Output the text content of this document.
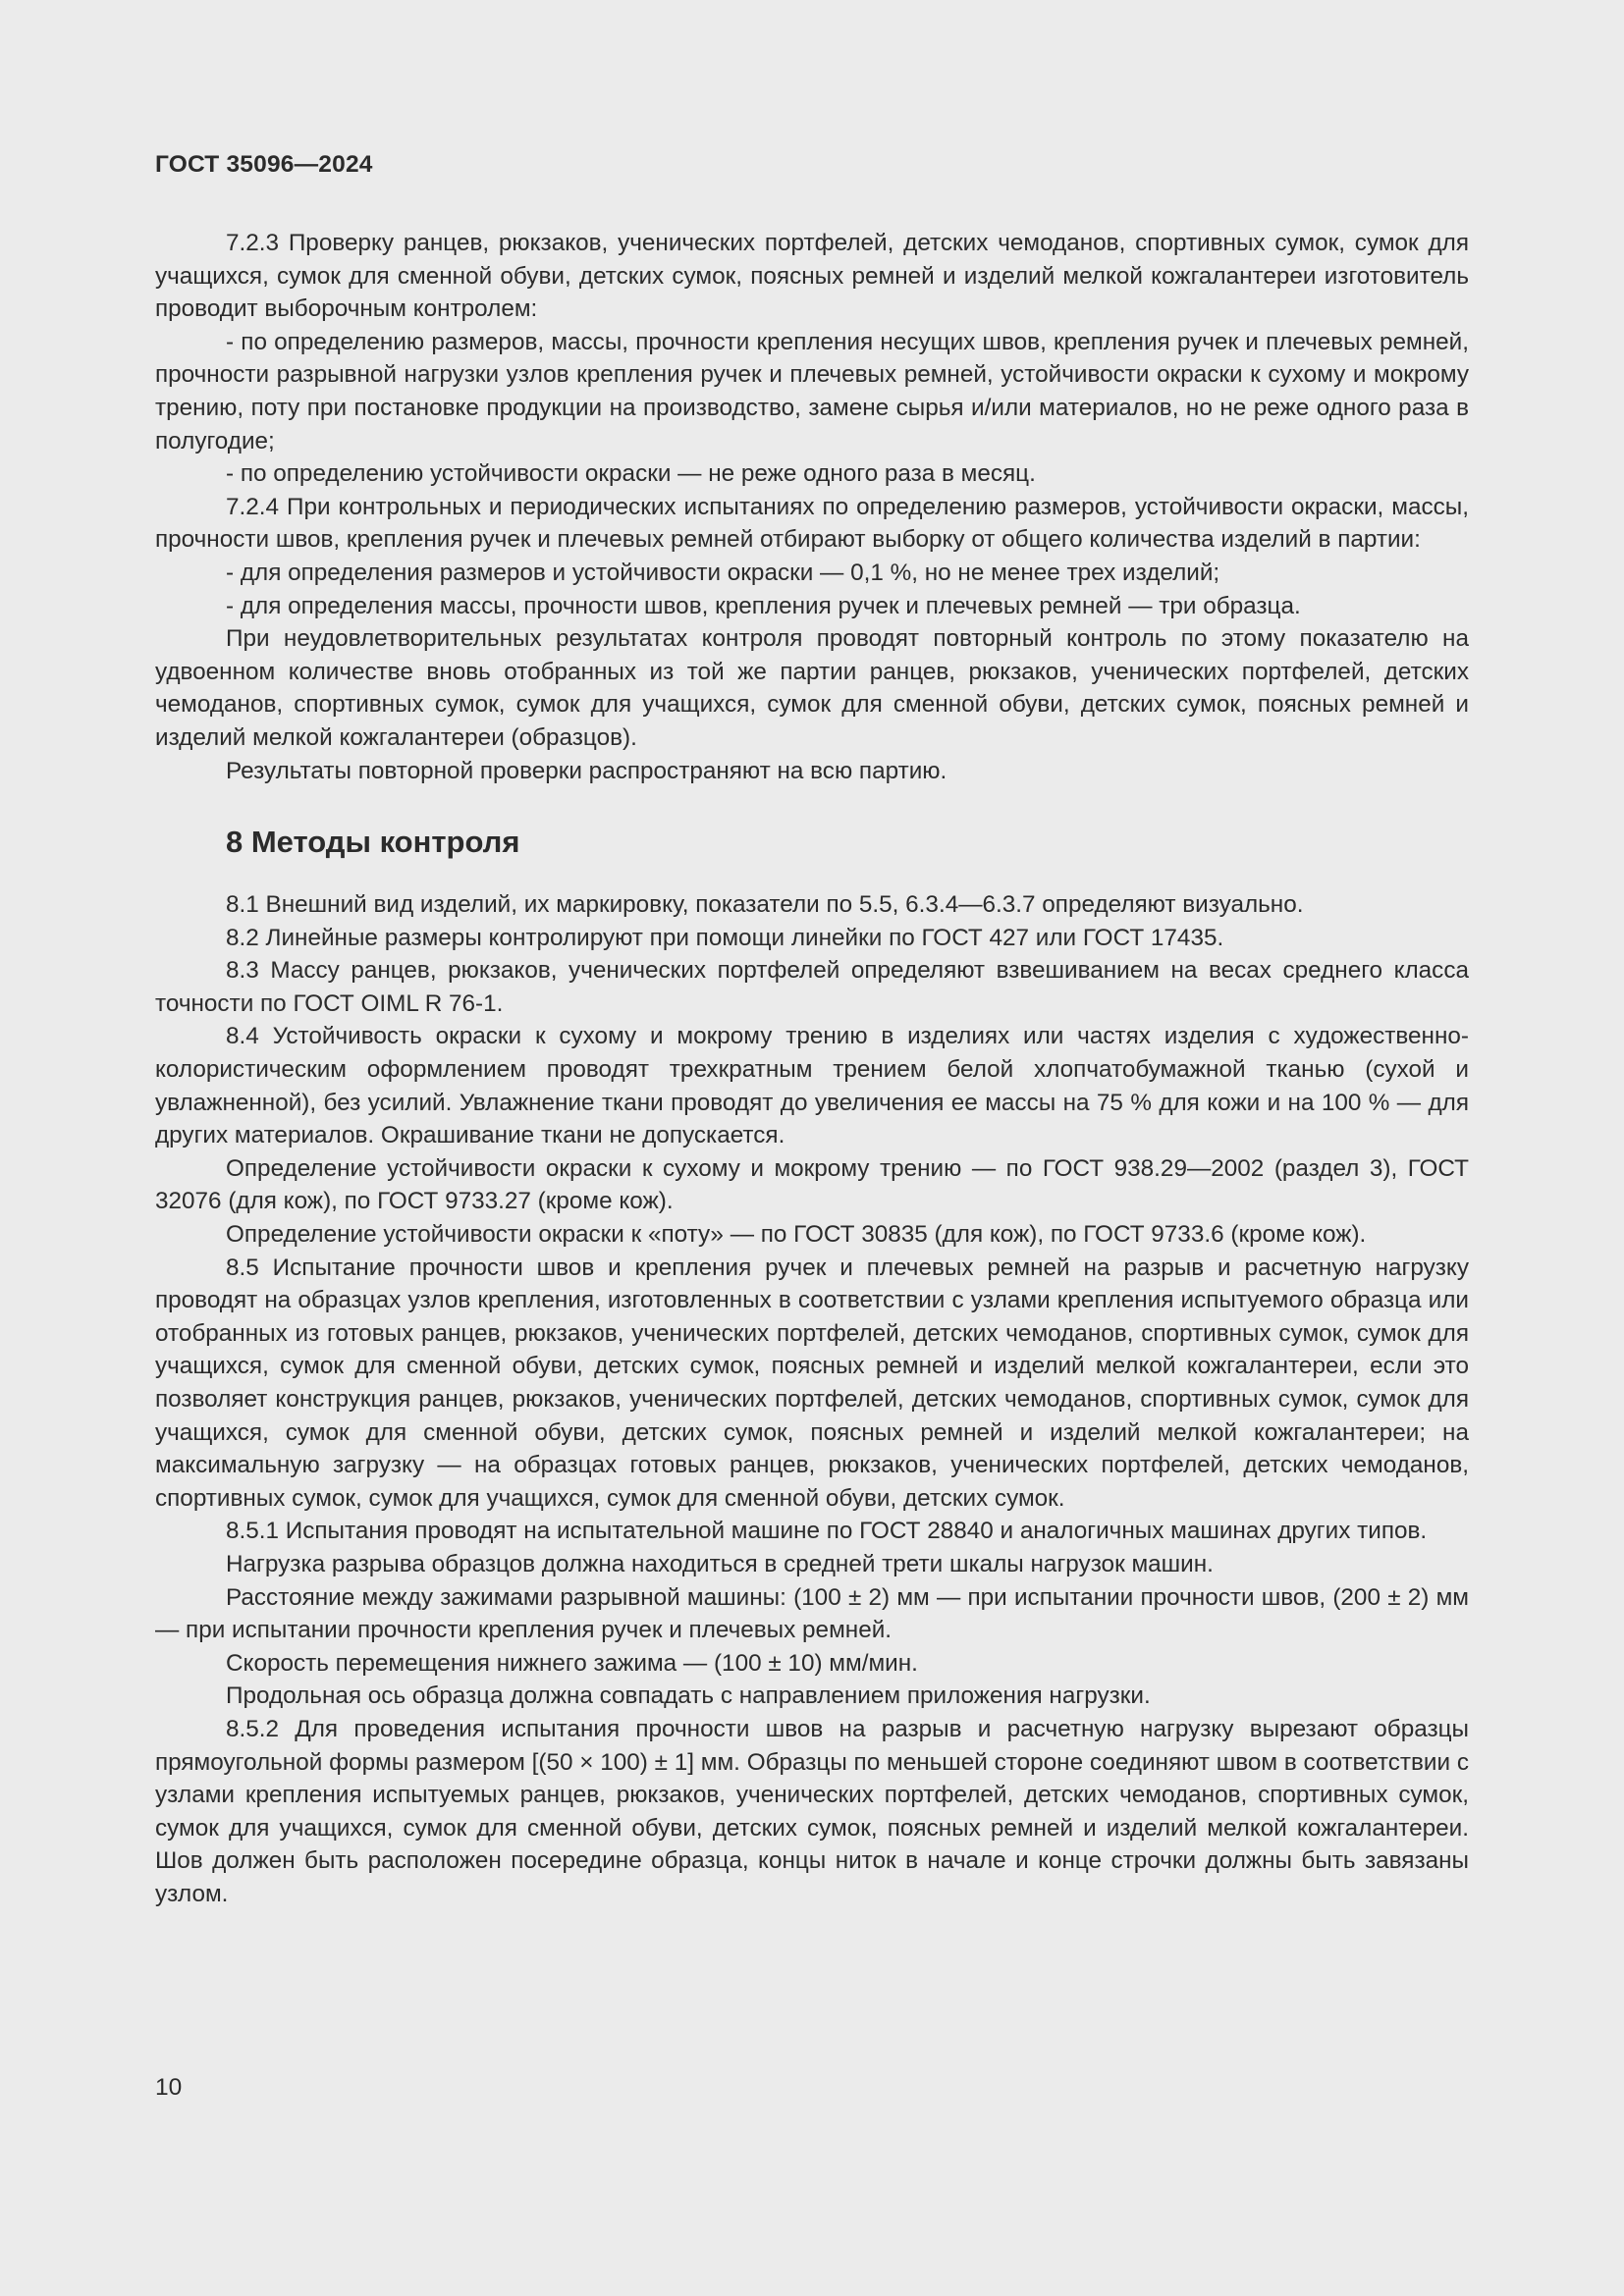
ГОСТ 35096—2024

7.2.3 Проверку ранцев, рюкзаков, ученических портфелей, детских чемоданов, спортивных сумок, сумок для учащихся, сумок для сменной обуви, детских сумок, поясных ремней и изделий мелкой кожгалантереи изготовитель проводит выборочным контролем:

- по определению размеров, массы, прочности крепления несущих швов, крепления ручек и плечевых ремней, прочности разрывной нагрузки узлов крепления ручек и плечевых ремней, устойчивости окраски к сухому и мокрому трению, поту при постановке продукции на производство, замене сырья и/или материалов, но не реже одного раза в полугодие;

- по определению устойчивости окраски — не реже одного раза в месяц.

7.2.4 При контрольных и периодических испытаниях по определению размеров, устойчивости окраски, массы, прочности швов, крепления ручек и плечевых ремней отбирают выборку от общего количества изделий в партии:

- для определения размеров и устойчивости окраски — 0,1 %, но не менее трех изделий;

- для определения массы, прочности швов, крепления ручек и плечевых ремней — три образца.

При неудовлетворительных результатах контроля проводят повторный контроль по этому показателю на удвоенном количестве вновь отобранных из той же партии ранцев, рюкзаков, ученических портфелей, детских чемоданов, спортивных сумок, сумок для учащихся, сумок для сменной обуви, детских сумок, поясных ремней и изделий мелкой кожгалантереи (образцов).

Результаты повторной проверки распространяют на всю партию.

8 Методы контроля

8.1 Внешний вид изделий, их маркировку, показатели по 5.5, 6.3.4—6.3.7 определяют визуально.

8.2 Линейные размеры контролируют при помощи линейки по ГОСТ 427 или ГОСТ 17435.

8.3 Массу ранцев, рюкзаков, ученических портфелей определяют взвешиванием на весах среднего класса точности по ГОСТ OIML R 76-1.

8.4 Устойчивость окраски к сухому и мокрому трению в изделиях или частях изделия с художественно-колористическим оформлением проводят трехкратным трением белой хлопчатобумажной тканью (сухой и увлажненной), без усилий. Увлажнение ткани проводят до увеличения ее массы на 75 % для кожи и на 100 % — для других материалов. Окрашивание ткани не допускается.

Определение устойчивости окраски к сухому и мокрому трению — по ГОСТ 938.29—2002 (раздел 3), ГОСТ 32076 (для кож), по ГОСТ 9733.27 (кроме кож).

Определение устойчивости окраски к «поту» — по ГОСТ 30835 (для кож), по ГОСТ 9733.6 (кроме кож).

8.5 Испытание прочности швов и крепления ручек и плечевых ремней на разрыв и расчетную нагрузку проводят на образцах узлов крепления, изготовленных в соответствии с узлами крепления испытуемого образца или отобранных из готовых ранцев, рюкзаков, ученических портфелей, детских чемоданов, спортивных сумок, сумок для учащихся, сумок для сменной обуви, детских сумок, поясных ремней и изделий мелкой кожгалантереи, если это позволяет конструкция ранцев, рюкзаков, ученических портфелей, детских чемоданов, спортивных сумок, сумок для учащихся, сумок для сменной обуви, детских сумок, поясных ремней и изделий мелкой кожгалантереи; на максимальную загрузку — на образцах готовых ранцев, рюкзаков, ученических портфелей, детских чемоданов, спортивных сумок, сумок для учащихся, сумок для сменной обуви, детских сумок.

8.5.1 Испытания проводят на испытательной машине по ГОСТ 28840 и аналогичных машинах других типов.

Нагрузка разрыва образцов должна находиться в средней трети шкалы нагрузок машин.

Расстояние между зажимами разрывной машины: (100 ± 2) мм — при испытании прочности швов, (200 ± 2) мм — при испытании прочности крепления ручек и плечевых ремней.

Скорость перемещения нижнего зажима — (100 ± 10) мм/мин.

Продольная ось образца должна совпадать с направлением приложения нагрузки.

8.5.2 Для проведения испытания прочности швов на разрыв и расчетную нагрузку вырезают образцы прямоугольной формы размером [(50 × 100) ± 1] мм. Образцы по меньшей стороне соединяют швом в соответствии с узлами крепления испытуемых ранцев, рюкзаков, ученических портфелей, детских чемоданов, спортивных сумок, сумок для учащихся, сумок для сменной обуви, детских сумок, поясных ремней и изделий мелкой кожгалантереи. Шов должен быть расположен посередине образца, концы ниток в начале и конце строчки должны быть завязаны узлом.

10
